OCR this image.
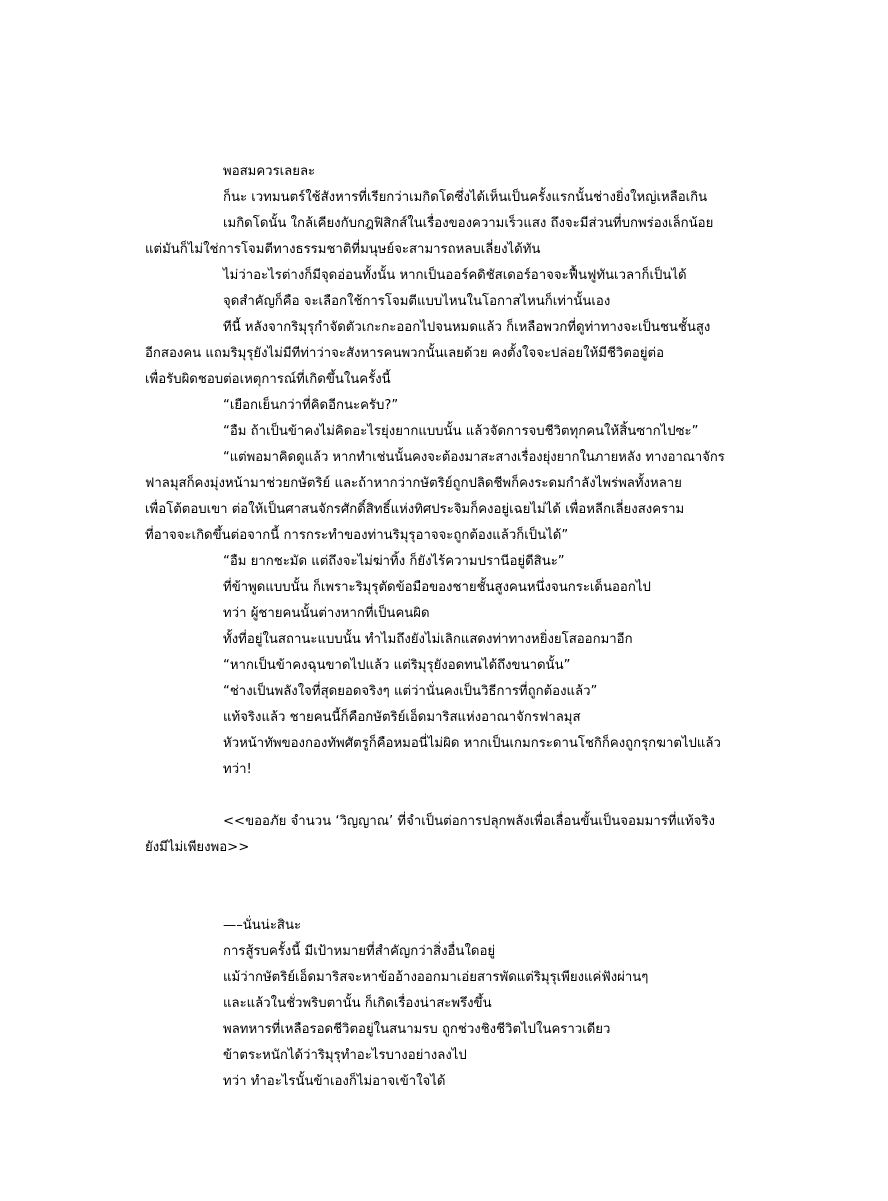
พอสมควรเลยละ
ก็นะ เวทมนตร์ใช้สังหารที่เรียกว่าเมกิดโดซึ่งได้เห็นเป็นครั้งแรกนั้นช่างยิ่งใหญ่เหลือเกิน
เมกิดโดนั้น ใกล้เคียงกับกฎฟิสิกส์ในเรื่องของความเร็วแสง ถึงจะมีส่วนที่บกพร่องเล็กน้อย
แต่มันก็ไม่ใช่การโจมตีทางธรรมชาติที่มนุษย์จะสามารถหลบเลี่ยงได้ทัน
ไม่ว่าอะไรต่างก็มีจุดอ่อนทั้งนั้น หากเป็นออร์คดิชัสเดอร์อาจจะฟื้นฟูทันเวลาก็เป็นได้
จุดสำคัญก็คือ จะเลือกใช้การโจมตีแบบไหนในโอกาสไหนก็เท่านั้นเอง
ทีนี้ หลังจากริมุรุกำจัดตัวเกะกะออกไปจนหมดแล้ว ก็เหลือพวกที่ดูท่าทางจะเป็นชนชั้นสูง
อีกสองคน แถมริมุรุยังไม่มีทีท่าว่าจะสังหารคนพวกนั้นเลยด้วย คงตั้งใจจะปล่อยให้มีชีวิตอยู่ต่อ
เพื่อรับผิดชอบต่อเหตุการณ์ที่เกิดขึ้นในครั้งนี้
“เยือกเย็นกว่าที่คิดอีกนะครับ?”
“อืม ถ้าเป็นข้าคงไม่คิดอะไรยุ่งยากแบบนั้น แล้วจัดการจบชีวิตทุกคนให้สิ้นซากไปซะ”
“แต่พอมาคิดดูแล้ว หากทำเช่นนั้นคงจะต้องมาสะสางเรื่องยุ่งยากในภายหลัง ทางอาณาจักร
ฟาลมุสก็คงมุ่งหน้ามาช่วยกษัตริย์ และถ้าหากว่ากษัตริย์ถูกปลิดชีพก็คงระดมกำลังไพร่พลทั้งหลาย
เพื่อโต้ตอบเขา ต่อให้เป็นศาสนจักรศักดิ์สิทธิ์แห่งทิศประจิมก็คงอยู่เฉยไม่ได้ เพื่อหลีกเลี่ยงสงคราม
ที่อาจจะเกิดขึ้นต่อจากนี้ การกระทำของท่านริมุรุอาจจะถูกต้องแล้วก็เป็นได้”
“อืม ยากชะมัด แต่ถึงจะไม่ฆ่าทิ้ง ก็ยังไร้ความปรานีอยู่ดีสินะ”
ที่ข้าพูดแบบนั้น ก็เพราะริมุรุตัดข้อมือของชายชั้นสูงคนหนึ่งจนกระเด็นออกไป
ทว่า ผู้ชายคนนั้นต่างหากที่เป็นคนผิด
ทั้งที่อยู่ในสถานะแบบนั้น ทำไมถึงยังไม่เลิกแสดงท่าทางหยิ่งยโสออกมาอีก
“หากเป็นข้าคงฉุนขาดไปแล้ว แต่ริมุรุยังอดทนได้ถึงขนาดนั้น”
“ช่างเป็นพลังใจที่สุดยอดจริงๆ แต่ว่านั่นคงเป็นวิธีการที่ถูกต้องแล้ว”
แท้จริงแล้ว ชายคนนี้ก็คือกษัตริย์เอ็ดมาริสแห่งอาณาจักรฟาลมุส
หัวหน้าทัพของกองทัพศัตรูก็คือหมอนี่ไม่ผิด หากเป็นเกมกระดานโชกิก็คงถูกรุกฆาตไปแล้ว
ทว่า!
<<ขออภัย จำนวน ‘วิญญาณ’ ที่จำเป็นต่อการปลุกพลังเพื่อเลื่อนขั้นเป็นจอมมารที่แท้จริง
ยังมีไม่เพียงพอ>>
—–นั่นน่ะสินะ
การสู้รบครั้งนี้ มีเป้าหมายที่สำคัญกว่าสิ่งอื่นใดอยู่
แม้ว่ากษัตริย์เอ็ดมาริสจะหาข้ออ้างออกมาเอ่ยสารพัดแต่ริมุรุเพียงแค่ฟังผ่านๆ
และแล้วในชั่วพริบตานั้น ก็เกิดเรื่องน่าสะพรึงขึ้น
พลทหารที่เหลือรอดชีวิตอยู่ในสนามรบ ถูกช่วงชิงชีวิตไปในคราวเดียว
ข้าตระหนักได้ว่าริมุรุทำอะไรบางอย่างลงไป
ทว่า ทำอะไรนั้นข้าเองก็ไม่อาจเข้าใจได้
